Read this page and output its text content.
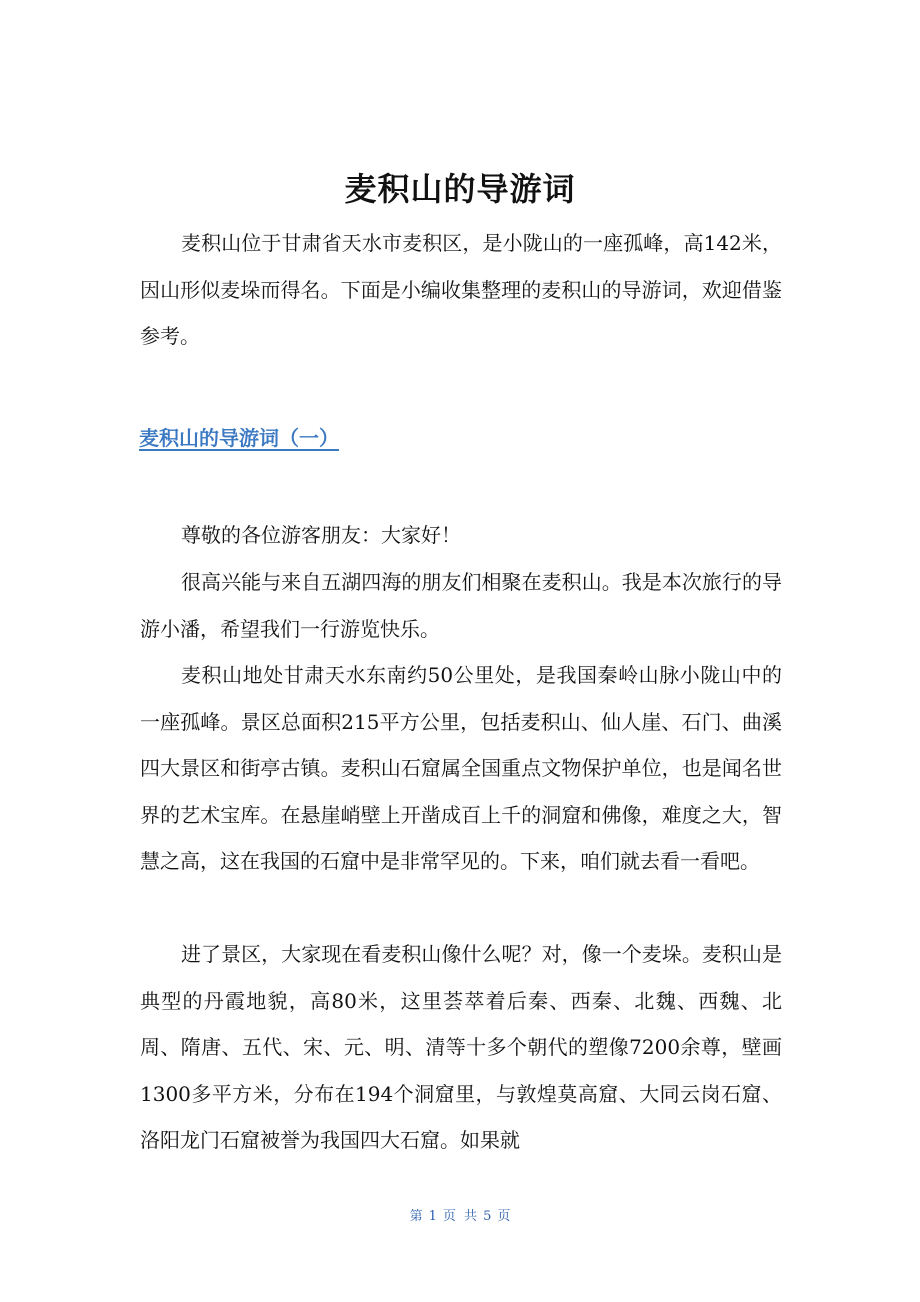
麦积山的导游词

麦积山位于甘肃省天水市麦积区，是小陇山的一座孤峰，高142米，因山形似麦垛而得名。下面是小编收集整理的麦积山的导游词，欢迎借鉴参考。

麦积山的导游词（一）

尊敬的各位游客朋友：大家好！

很高兴能与来自五湖四海的朋友们相聚在麦积山。我是本次旅行的导游小潘，希望我们一行游览快乐。

麦积山地处甘肃天水东南约50公里处，是我国秦岭山脉小陇山中的一座孤峰。景区总面积215平方公里，包括麦积山、仙人崖、石门、曲溪四大景区和街亭古镇。麦积山石窟属全国重点文物保护单位，也是闻名世界的艺术宝库。在悬崖峭壁上开凿成百上千的洞窟和佛像，难度之大，智慧之高，这在我国的石窟中是非常罕见的。下来，咱们就去看一看吧。

进了景区，大家现在看麦积山像什么呢？对，像一个麦垛。麦积山是典型的丹霞地貌，高80米，这里荟萃着后秦、西秦、北魏、西魏、北周、隋唐、五代、宋、元、明、清等十多个朝代的塑像7200余尊，壁画1300多平方米，分布在194个洞窟里，与敦煌莫高窟、大同云岗石窟、洛阳龙门石窟被誉为我国四大石窟。如果就

第 1 页 共 5 页
